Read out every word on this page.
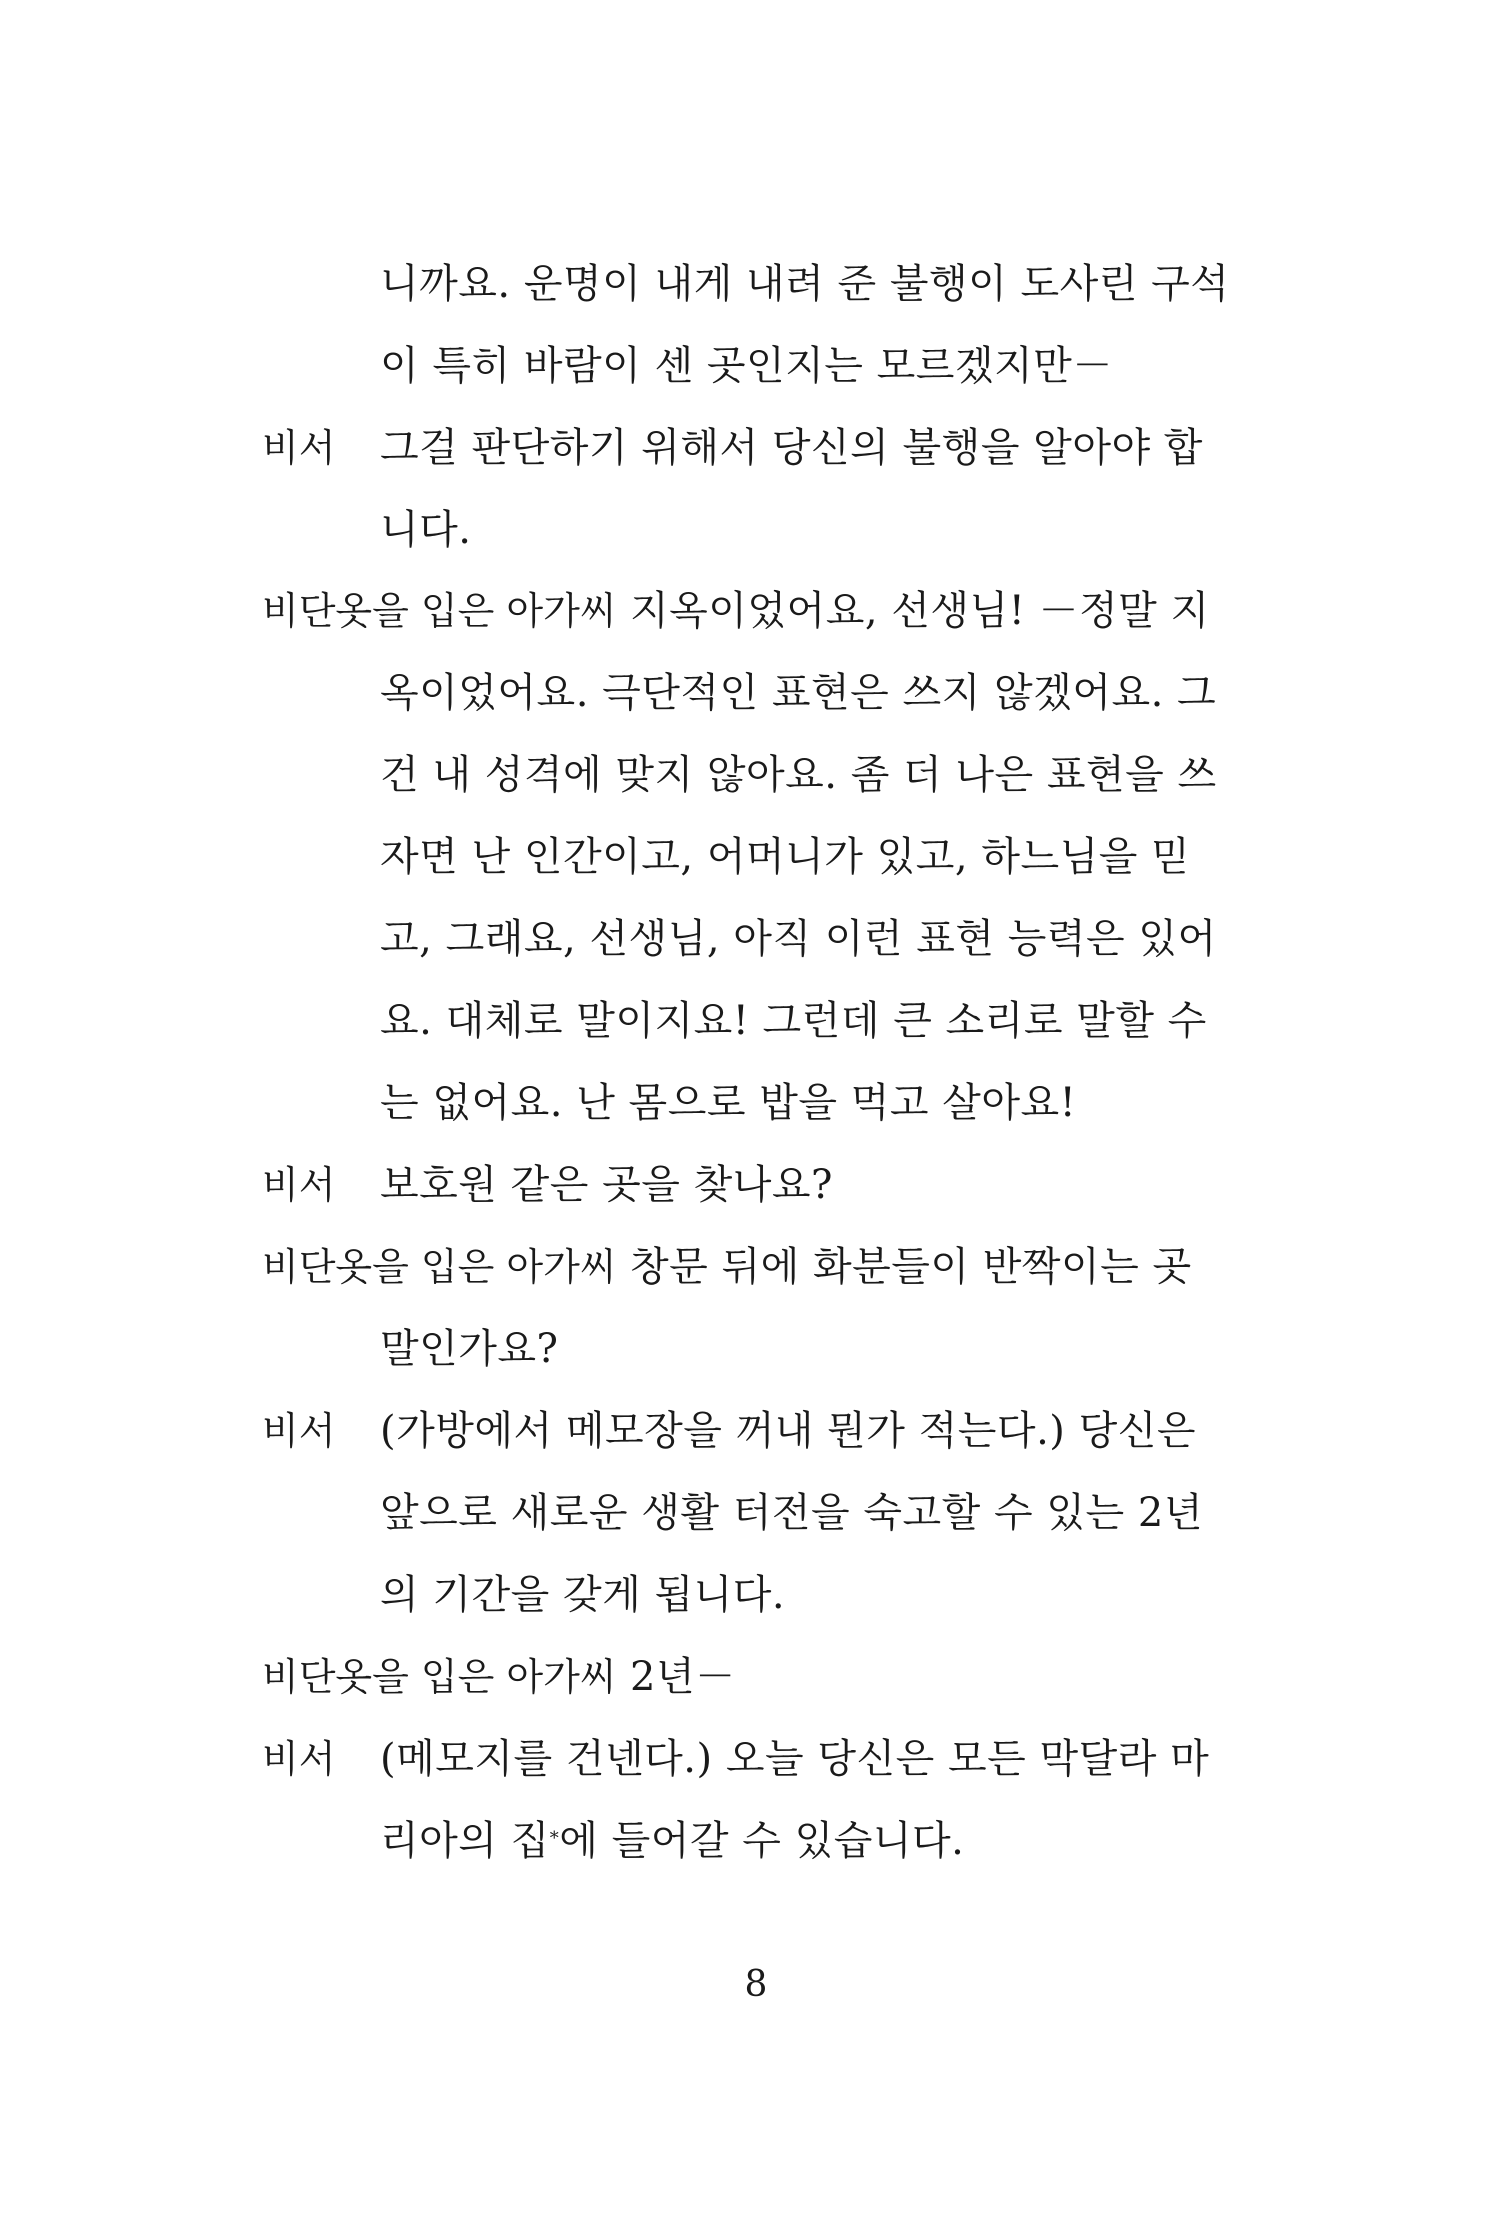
니까요. 운명이 내게 내려 준 불행이 도사린 구석
이 특히 바람이 센 곳인지는 모르겠지만－
비서 그걸 판단하기 위해서 당신의 불행을 알아야 합
니다.
비단옷을 입은 아가씨 지옥이었어요, 선생님! －정말 지
옥이었어요. 극단적인 표현은 쓰지 않겠어요. 그
건 내 성격에 맞지 않아요. 좀 더 나은 표현을 쓰
자면 난 인간이고, 어머니가 있고, 하느님을 믿
고, 그래요, 선생님, 아직 이런 표현 능력은 있어
요. 대체로 말이지요! 그런데 큰 소리로 말할 수
는 없어요. 난 몸으로 밥을 먹고 살아요!
비서 보호원 같은 곳을 찾나요?
비단옷을 입은 아가씨 창문 뒤에 화분들이 반짝이는 곳
말인가요?
비서 (가방에서 메모장을 꺼내 뭔가 적는다.) 당신은
앞으로 새로운 생활 터전을 숙고할 수 있는 2년
의 기간을 갖게 됩니다.
비단옷을 입은 아가씨 2년－
비서 (메모지를 건넨다.) 오늘 당신은 모든 막달라 마
리아의 집*에 들어갈 수 있습니다.
8
